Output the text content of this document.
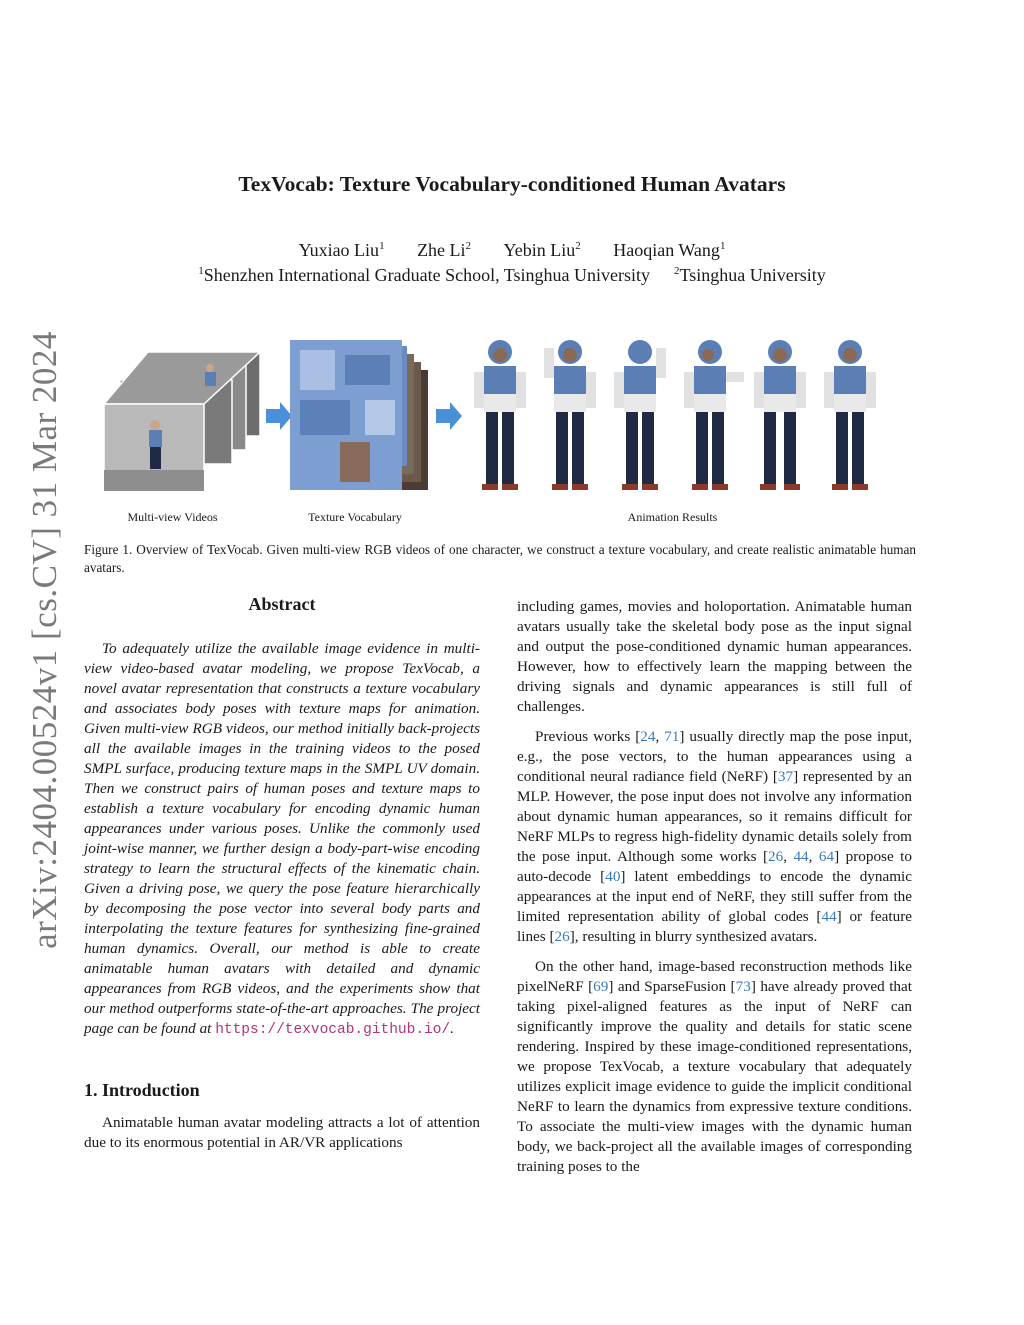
arXiv:2404.00524v1 [cs.CV] 31 Mar 2024
TexVocab: Texture Vocabulary-conditioned Human Avatars
Yuxiao Liu$^1$ Zhe Li$^2$ Yebin Liu$^2$ Haoqian Wang$^1$
$^1$Shenzhen International Graduate School, Tsinghua University $^2$Tsinghua University
Multi-view Videos	Texture Vocabulary	Animation Results
Figure 1. Overview of TexVocab. Given multi-view RGB videos of one character, we construct a texture vocabulary, and create realistic animatable human avatars.
Abstract

To adequately utilize the available image evidence in multi-view video-based avatar modeling, we propose TexVocab, a novel avatar representation that constructs a texture vocabulary and associates body poses with texture maps for animation. Given multi-view RGB videos, our method initially back-projects all the available images in the training videos to the posed SMPL surface, producing texture maps in the SMPL UV domain. Then we construct pairs of human poses and texture maps to establish a texture vocabulary for encoding dynamic human appearances under various poses. Unlike the commonly used joint-wise manner, we further design a body-part-wise encoding strategy to learn the structural effects of the kinematic chain. Given a driving pose, we query the pose feature hierarchically by decomposing the pose vector into several body parts and interpolating the texture features for synthesizing fine-grained human dynamics. Overall, our method is able to create animatable human avatars with detailed and dynamic appearances from RGB videos, and the experiments show that our method outperforms state-of-the-art approaches. The project page can be found at https://texvocab.github.io/.

1. Introduction

Animatable human avatar modeling attracts a lot of attention due to its enormous potential in AR/VR applications

including games, movies and holoportation. Animatable human avatars usually take the skeletal body pose as the input signal and output the pose-conditioned dynamic human appearances. However, how to effectively learn the mapping between the driving signals and dynamic appearances is still full of challenges.

Previous works [24, 71] usually directly map the pose input, e.g., the pose vectors, to the human appearances using a conditional neural radiance field (NeRF) [37] represented by an MLP. However, the pose input does not involve any information about dynamic human appearances, so it remains difficult for NeRF MLPs to regress high-fidelity dynamic details solely from the pose input. Although some works [26, 44, 64] propose to auto-decode [40] latent embeddings to encode the dynamic appearances at the input end of NeRF, they still suffer from the limited representation ability of global codes [44] or feature lines [26], resulting in blurry synthesized avatars.

On the other hand, image-based reconstruction methods like pixelNeRF [69] and SparseFusion [73] have already proved that taking pixel-aligned features as the input of NeRF can significantly improve the quality and details for static scene rendering. Inspired by these image-conditioned representations, we propose TexVocab, a texture vocabulary that adequately utilizes explicit image evidence to guide the implicit conditional NeRF to learn the dynamics from expressive texture conditions. To associate the multi-view images with the dynamic human body, we back-project all the available images of corresponding training poses to the
